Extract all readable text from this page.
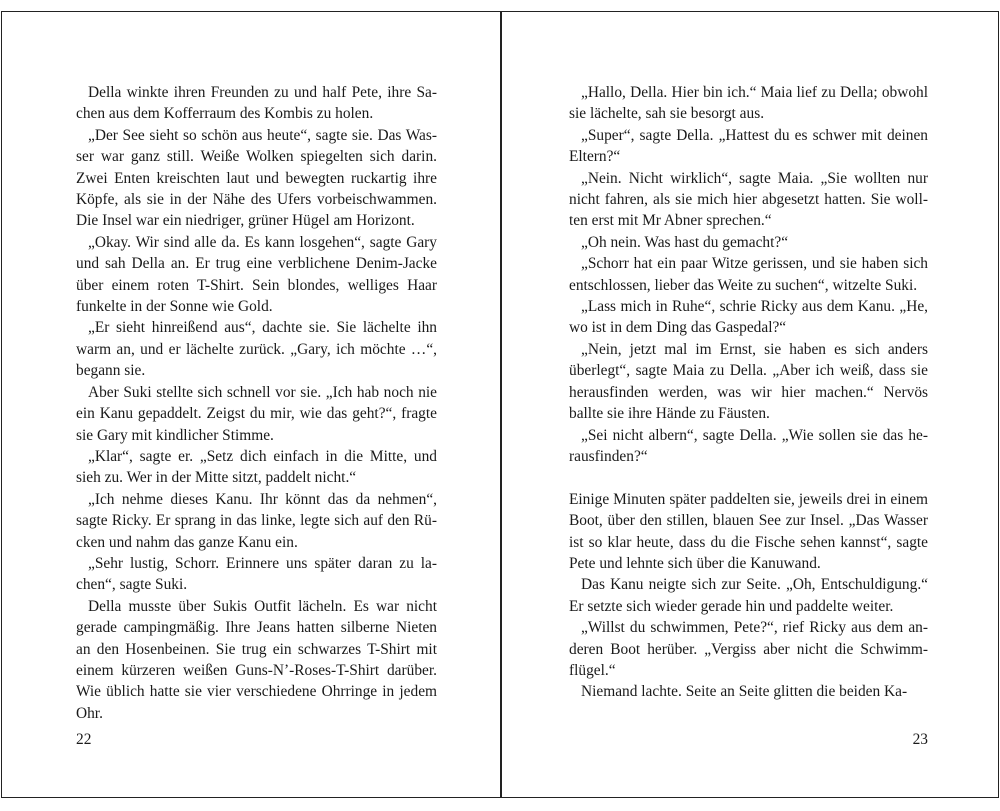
Della winkte ihren Freunden zu und half Pete, ihre Sachen aus dem Kofferraum des Kombis zu holen.

„Der See sieht so schön aus heute“, sagte sie. Das Wasser war ganz still. Weiße Wolken spiegelten sich darin. Zwei Enten kreischten laut und bewegten ruckartig ihre Köpfe, als sie in der Nähe des Ufers vorbeischwammen. Die Insel war ein niedriger, grüner Hügel am Horizont.

„Okay. Wir sind alle da. Es kann losgehen“, sagte Gary und sah Della an. Er trug eine verblichene Denim-Jacke über einem roten T-Shirt. Sein blondes, welliges Haar funkelte in der Sonne wie Gold.

„Er sieht hinreißend aus“, dachte sie. Sie lächelte ihn warm an, und er lächelte zurück. „Gary, ich möchte …“, begann sie.

Aber Suki stellte sich schnell vor sie. „Ich hab noch nie ein Kanu gepaddelt. Zeigst du mir, wie das geht?“, fragte sie Gary mit kindlicher Stimme.

„Klar“, sagte er. „Setz dich einfach in die Mitte, und sieh zu. Wer in der Mitte sitzt, paddelt nicht.“

„Ich nehme dieses Kanu. Ihr könnt das da nehmen“, sagte Ricky. Er sprang in das linke, legte sich auf den Rücken und nahm das ganze Kanu ein.

„Sehr lustig, Schorr. Erinnere uns später daran zu lachen“, sagte Suki.

Della musste über Sukis Outfit lächeln. Es war nicht gerade campingmäßig. Ihre Jeans hatten silberne Nieten an den Hosenbeinen. Sie trug ein schwarzes T-Shirt mit einem kürzeren weißen Guns-N’-Roses-T-Shirt darüber. Wie üblich hatte sie vier verschiedene Ohrringe in jedem Ohr.

22

„Hallo, Della. Hier bin ich.“ Maia lief zu Della; obwohl sie lächelte, sah sie besorgt aus.

„Super“, sagte Della. „Hattest du es schwer mit deinen Eltern?“

„Nein. Nicht wirklich“, sagte Maia. „Sie wollten nur nicht fahren, als sie mich hier abgesetzt hatten. Sie wollten erst mit Mr Abner sprechen.“

„Oh nein. Was hast du gemacht?“

„Schorr hat ein paar Witze gerissen, und sie haben sich entschlossen, lieber das Weite zu suchen“, witzelte Suki.

„Lass mich in Ruhe“, schrie Ricky aus dem Kanu. „He, wo ist in dem Ding das Gaspedal?“

„Nein, jetzt mal im Ernst, sie haben es sich anders überlegt“, sagte Maia zu Della. „Aber ich weiß, dass sie herausfinden werden, was wir hier machen.“ Nervös ballte sie ihre Hände zu Fäusten.

„Sei nicht albern“, sagte Della. „Wie sollen sie das herausfinden?“

Einige Minuten später paddelten sie, jeweils drei in einem Boot, über den stillen, blauen See zur Insel. „Das Wasser ist so klar heute, dass du die Fische sehen kannst“, sagte Pete und lehnte sich über die Kanuwand.

Das Kanu neigte sich zur Seite. „Oh, Entschuldigung.“ Er setzte sich wieder gerade hin und paddelte weiter.

„Willst du schwimmen, Pete?“, rief Ricky aus dem anderen Boot herüber. „Vergiss aber nicht die Schwimmflügel.“

Niemand lachte. Seite an Seite glitten die beiden Ka-

23
